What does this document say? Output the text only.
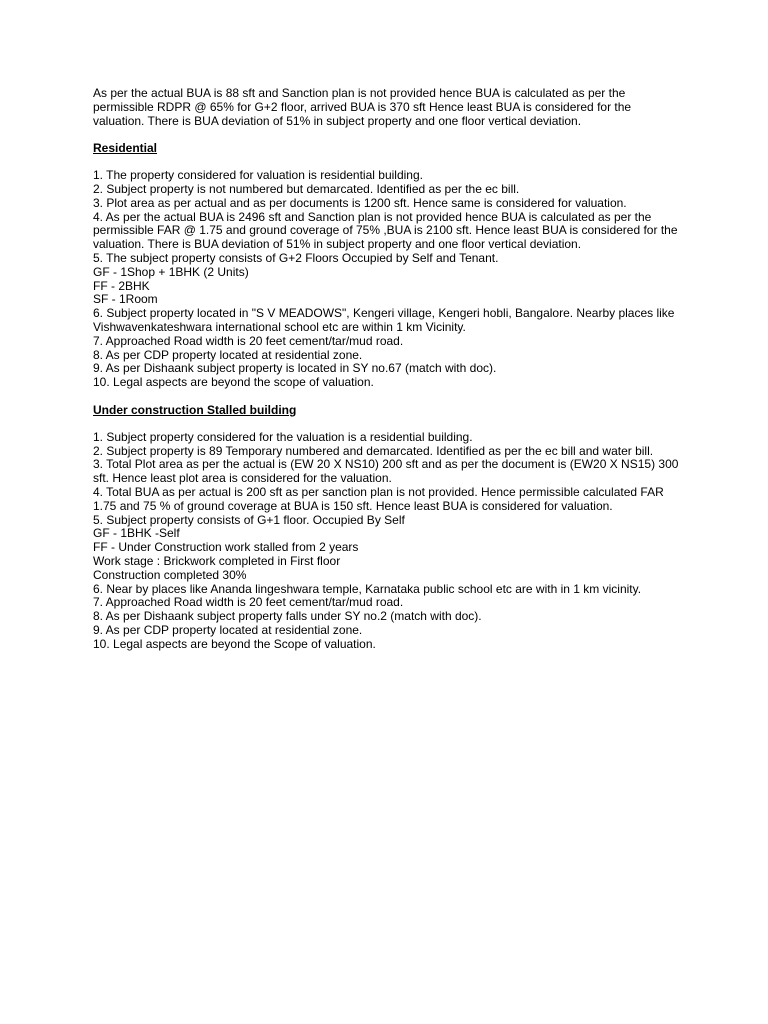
As per the actual BUA is 88 sft and Sanction plan is not provided hence BUA is calculated as per the permissible RDPR @ 65% for G+2 floor, arrived BUA is 370 sft Hence least BUA is considered for the valuation. There is BUA deviation of 51% in subject property and one floor vertical deviation.

Residential

1. The property considered for valuation is residential building.
2. Subject property is not numbered but demarcated. Identified as per the ec bill.
3. Plot area as per actual and as per documents is 1200 sft. Hence same is considered for valuation.
4. As per the actual BUA is 2496 sft and Sanction plan is not provided hence BUA is calculated as per the permissible FAR @ 1.75 and ground coverage of 75% ,BUA is 2100 sft. Hence least BUA is considered for the valuation. There is BUA deviation of 51% in subject property and one floor vertical deviation.
5. The subject property consists of G+2 Floors Occupied by Self and Tenant.
GF - 1Shop + 1BHK (2 Units)
FF - 2BHK
SF - 1Room
6. Subject property located in "S V MEADOWS", Kengeri village, Kengeri hobli, Bangalore. Nearby places like Vishwavenkateshwara international school etc are within 1 km Vicinity.
7. Approached Road width is 20 feet cement/tar/mud road.
8. As per CDP property located at residential zone.
9. As per Dishaank subject property is located in SY no.67 (match with doc).
10. Legal aspects are beyond the scope of valuation.

Under construction Stalled building

1. Subject property considered for the valuation is a residential building.
2. Subject property is 89 Temporary numbered and demarcated. Identified as per the ec bill and water bill.
3. Total Plot area as per the actual is (EW 20 X NS10) 200 sft and as per the document is (EW20 X NS15) 300 sft. Hence least plot area is considered for the valuation.
4. Total BUA as per actual is 200 sft as per sanction plan is not provided. Hence permissible calculated FAR 1.75 and 75 % of ground coverage at BUA is 150 sft. Hence least BUA is considered for valuation.
5. Subject property consists of G+1 floor. Occupied By Self
GF - 1BHK -Self
FF - Under Construction work stalled from 2 years
Work stage : Brickwork completed in First floor
Construction completed 30%
6. Near by places like Ananda lingeshwara temple, Karnataka public school etc are with in 1 km vicinity.
7. Approached Road width is 20 feet cement/tar/mud road.
8. As per Dishaank subject property falls under SY no.2 (match with doc).
9. As per CDP property located at residential zone.
10. Legal aspects are beyond the Scope of valuation.
